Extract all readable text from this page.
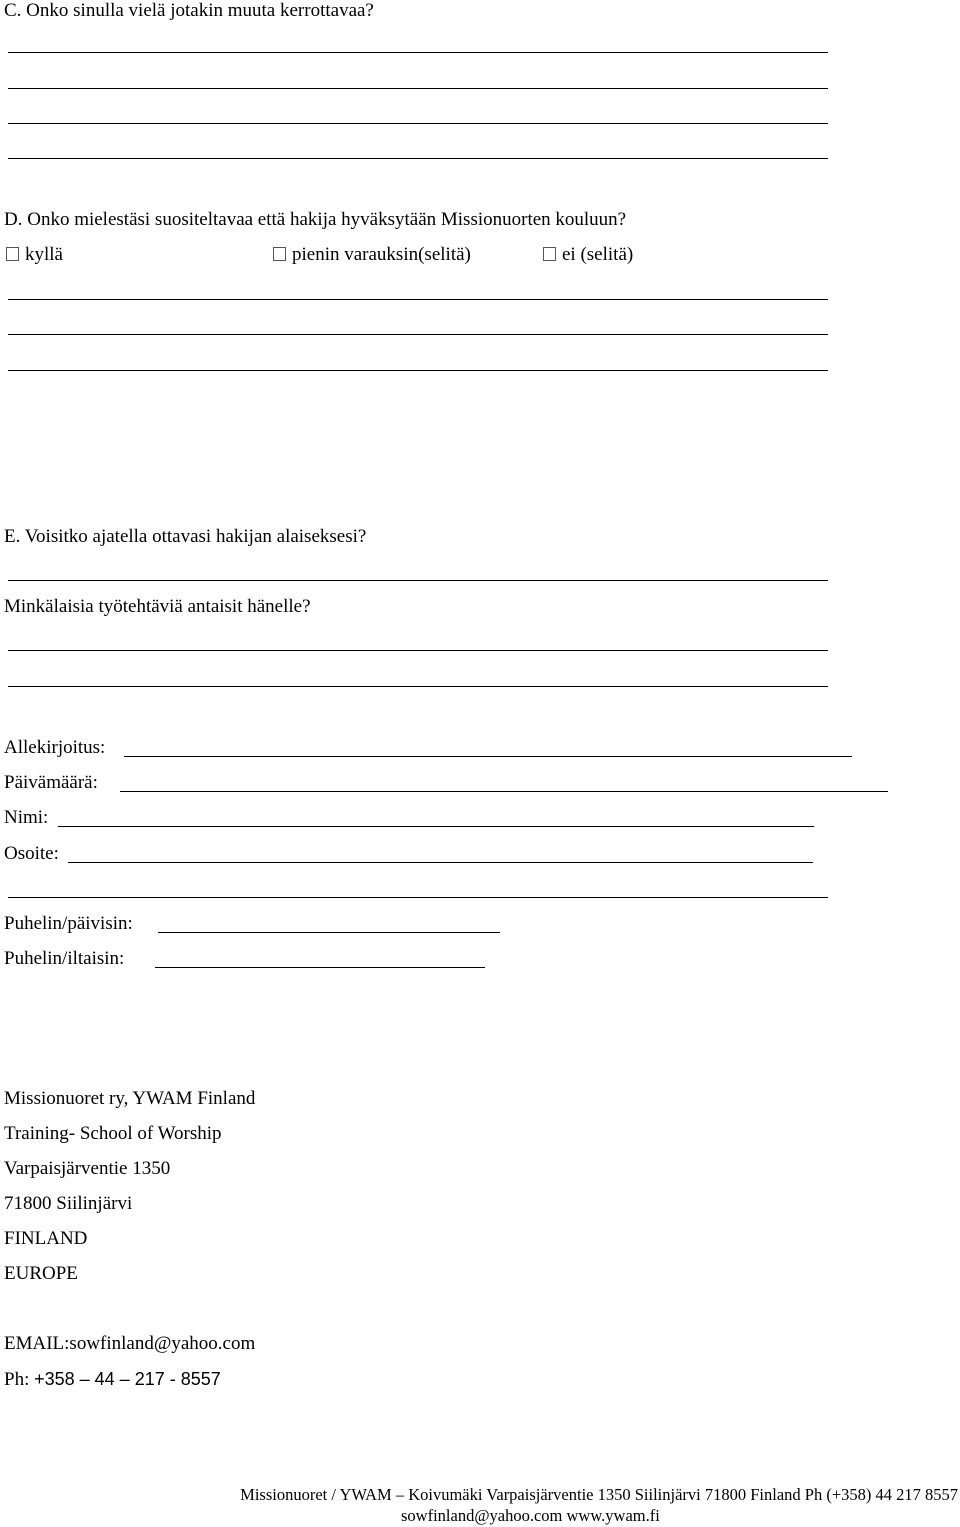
C. Onko sinulla vielä jotakin muuta kerrottavaa?
D. Onko mielestäsi suositeltavaa että hakija hyväksytään Missionuorten kouluun?
kyllä	pienin varauksin(selitä)	ei (selitä)
E. Voisitko ajatella ottavasi hakijan alaiseksesi?
Minkälaisia työtehtäviä antaisit hänelle?
Allekirjoitus:
Päivämäärä:
Nimi:
Osoite:
Puhelin/päivisin:
Puhelin/iltaisin:
Missionuoret ry, YWAM Finland
Training- School of Worship
Varpaisjärventie 1350
71800 Siilinjärvi
FINLAND
EUROPE
EMAIL:sowfinland@yahoo.com
Ph: +358 – 44 – 217 - 8557
Missionuoret / YWAM – Koivumäki Varpaisjärventie 1350 Siilinjärvi 71800 Finland Ph (+358) 44 217 8557
sowfinland@yahoo.com www.ywam.fi
